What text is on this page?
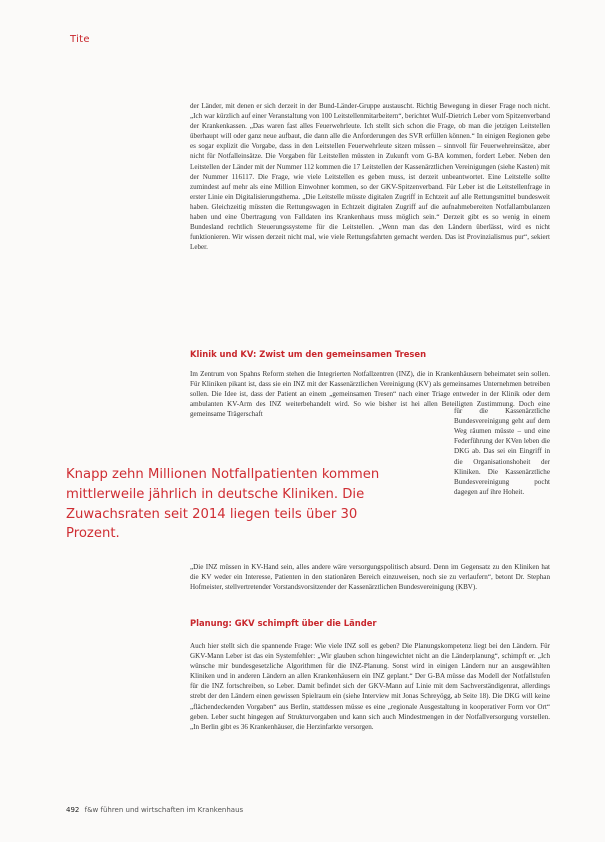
Tite

der Länder, mit denen er sich derzeit in der Bund-Länder-Gruppe austauscht. Richtig Bewegung in dieser Frage noch nicht. „Ich war kürzlich auf einer Veranstaltung von 100 Leitstellenmitarbeitern“, berichtet Wulf-Dietrich Leber vom Spitzenverband der Krankenkassen. „Das waren fast alles Feuerwehrleute. Ich stellt sich schon die Frage, ob man die jetzigen Leitstellen überhaupt will oder ganz neue aufbaut, die dann alle die Anforderungen des SVR erfüllen können.“ In einigen Regionen gebe es sogar explizit die Vorgabe, dass in den Leitstellen Feuerwehrleute sitzen müssen – sinnvoll für Feuerwehreinsätze, aber nicht für Notfalleinsätze. Die Vorgaben für Leitstellen müssten in Zukunft vom G-BA kommen, fordert Leber. Neben den Leitstellen der Länder mit der Nummer 112 kommen die 17 Leitstellen der Kassenärztlichen Vereinigungen (siehe Kasten) mit der Nummer 116117. Die Frage, wie viele Leitstellen es geben muss, ist derzeit unbeantwortet. Eine Leitstelle sollte zumindest auf mehr als eine Million Einwohner kommen, so der GKV-Spitzenverband. Für Leber ist die Leitstellenfrage in erster Linie ein Digitalisierungsthema. „Die Leitstelle müsste digitalen Zugriff in Echtzeit auf alle Rettungsmittel bundesweit haben. Gleichzeitig müssten die Rettungswagen in Echtzeit digitalen Zugriff auf die aufnahmebereiten Notfallambulanzen haben und eine Übertragung von Falldaten ins Krankenhaus muss möglich sein.“ Derzeit gibt es so wenig in einem Bundesland rechtlich Steuerungssysteme für die Leitstellen. „Wenn man das den Ländern überlässt, wird es nicht funktionieren. Wir wissen derzeit nicht mal, wie viele Rettungsfahrten gemacht werden. Das ist Provinzialismus pur“, sekiert Leber.

Klinik und KV: Zwist um den gemeinsamen Tresen

Im Zentrum von Spahns Reform stehen die Integrierten Notfallzentren (INZ), die in Krankenhäusern beheimatet sein sollen. Für Kliniken pikant ist, dass sie ein INZ mit der Kassenärztlichen Vereinigung (KV) als gemeinsames Unternehmen betreiben sollen. Die Idee ist, dass der Patient an einem „gemeinsamen Tresen“ nach einer Triage entweder in der Klinik oder dem ambulanten KV-Arm des INZ weiterbehandelt wird. So wie bisher ist hei allen Beteiligten Zustimmung. Doch eine gemeinsame Trägerschaft	für die Kassenärztliche Bundesvereinigung geht auf dem Weg räumen müsste – und eine Federführung der KVen leben die DKG ab. Das sei ein Eingriff in die Organisationshoheit der Kliniken. Die Kassenärztliche Bundesvereinigung pocht dagegen auf ihre Hoheit.

Knapp zehn Millionen Notfallpatienten kommen mittlerweile jährlich in deutsche Kliniken. Die Zuwachsraten seit 2014 liegen teils über 30 Prozent.

„Die INZ müssen in KV-Hand sein, alles andere wäre versorgungspolitisch absurd. Denn im Gegensatz zu den Kliniken hat die KV weder ein Interesse, Patienten in den stationären Bereich einzuweisen, noch sie zu verlaufern“, betont Dr. Stephan Hofmeister, stellvertretender Vorstandsvorsitzender der Kassenärztlichen Bundesvereinigung (KBV).

Planung: GKV schimpft über die Länder

Auch hier stellt sich die spannende Frage: Wie viele INZ soll es geben? Die Planungskompetenz liegt bei den Ländern. Für GKV-Mann Leber ist das ein Systemfehler: „Wir glauben schon hingewichtet nicht an die Länderplanung“, schimpft er. „Ich wünsche mir bundesgesetzliche Algorithmen für die INZ-Planung. Sonst wird in einigen Ländern nur an ausgewählten Kliniken und in anderen Ländern an allen Krankenhäusern ein INZ geplant.“ Der G-BA müsse das Modell der Notfallstufen für die INZ fortschreiben, so Leber. Damit befindet sich der GKV-Mann auf Linie mit dem Sachverständigenrat, allerdings strebt der den Ländern einen gewissen Spielraum ein (siehe Interview mit Jonas Schreyögg, ab Seite 18). Die DKG will keine „flächendeckenden Vorgaben“ aus Berlin, stattdessen müsse es eine „regionale Ausgestaltung in kooperativer Form vor Ort“ geben. Leber sucht hingegen auf Strukturvorgaben und kann sich auch Mindestmengen in der Notfallversorgung vorstellen. „In Berlin gibt es 36 Krankenhäuser, die Herzinfarkte versorgen.

492 f&w führen und wirtschaften im Krankenhaus
